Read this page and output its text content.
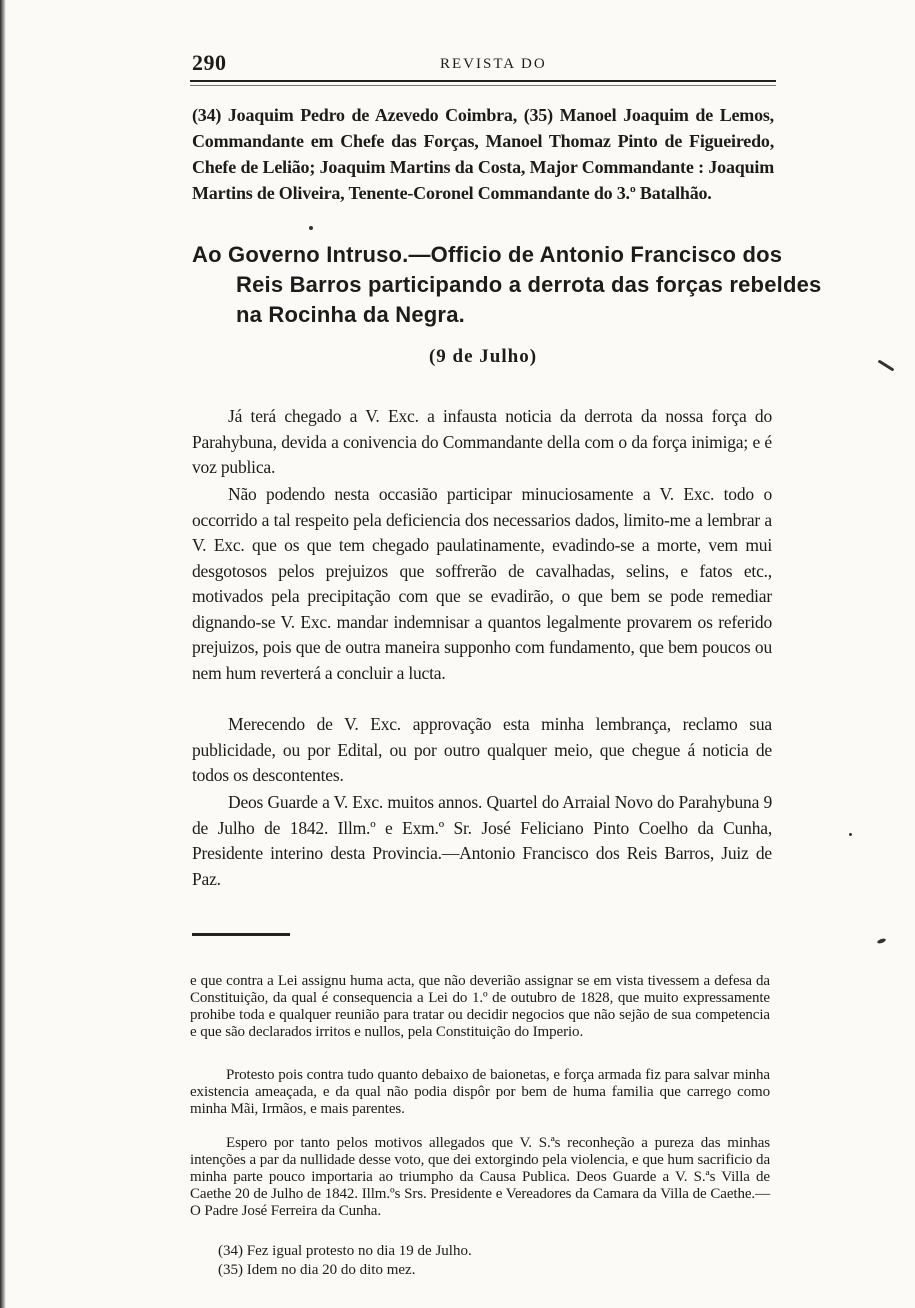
290	REVISTA DO

(34) Joaquim Pedro de Azevedo Coimbra, (35) Manoel Joaquim de Lemos, Commandante em Chefe das Forças, Manoel Thomaz Pinto de Figueiredo, Chefe de Lelião; Joaquim Martins da Costa, Major Commandante : Joaquim Martins de Oliveira, Tenente-Coronel Commandante do 3.º Batalhão.

Ao Governo Intruso.—Officio de Antonio Francisco dos Reis Barros participando a derrota das forças rebeldes na Rocinha da Negra.
(9 de Julho)

Já terá chegado a V. Exc. a infausta noticia da derrota da nossa força do Parahybuna, devida a conivencia do Commandante della com o da força inimiga; e é voz publica.

Não podendo nesta occasião participar minuciosamente a V. Exc. todo o occorrido a tal respeito pela deficiencia dos necessarios dados, limito-me a lembrar a V. Exc. que os que tem chegado paulatinamente, evadindo-se a morte, vem mui desgotosos pelos prejuizos que soffrerão de cavalhadas, selins, e fatos etc., motivados pela precipitação com que se evadirão, o que bem se pode remediar dignando-se V. Exc. mandar indemnisar a quantos legalmente provarem os referido prejuizos, pois que de outra maneira supponho com fundamento, que bem poucos ou nem hum reverterá a concluir a lucta.

Merecendo de V. Exc. approvação esta minha lembrança, reclamo sua publicidade, ou por Edital, ou por outro qualquer meio, que chegue á noticia de todos os descontentes.

Deos Guarde a V. Exc. muitos annos. Quartel do Arraial Novo do Parahybuna 9 de Julho de 1842. Illm.º e Exm.º Sr. José Feliciano Pinto Coelho da Cunha, Presidente interino desta Provincia.—Antonio Francisco dos Reis Barros, Juiz de Paz.

e que contra a Lei assignu huma acta, que não deverião assignar se em vista tivessem a defesa da Constituição, da qual é consequencia a Lei do 1.º de outubro de 1828, que muito expressamente prohibe toda e qualquer reunião para tratar ou decidir negocios que não sejão de sua competencia e que são declarados irritos e nullos, pela Constituição do Imperio.

Protesto pois contra tudo quanto debaixo de baionetas, e força armada fiz para salvar minha existencia ameaçada, e da qual não podia dispôr por bem de huma familia que carrego como minha Mãi, Irmãos, e mais parentes.

Espero por tanto pelos motivos allegados que V. S.ªs reconheção a pureza das minhas intenções a par da nullidade desse voto, que dei extorgindo pela violencia, e que hum sacrificio da minha parte pouco importaria ao triumpho da Causa Publica. Deos Guarde a V. S.ªs Villa de Caethe 20 de Julho de 1842. Illm.ºs Srs. Presidente e Vereadores da Camara da Villa de Caethe.—O Padre José Ferreira da Cunha.

(34) Fez igual protesto no dia 19 de Julho.

(35) Idem no dia 20 do dito mez.
